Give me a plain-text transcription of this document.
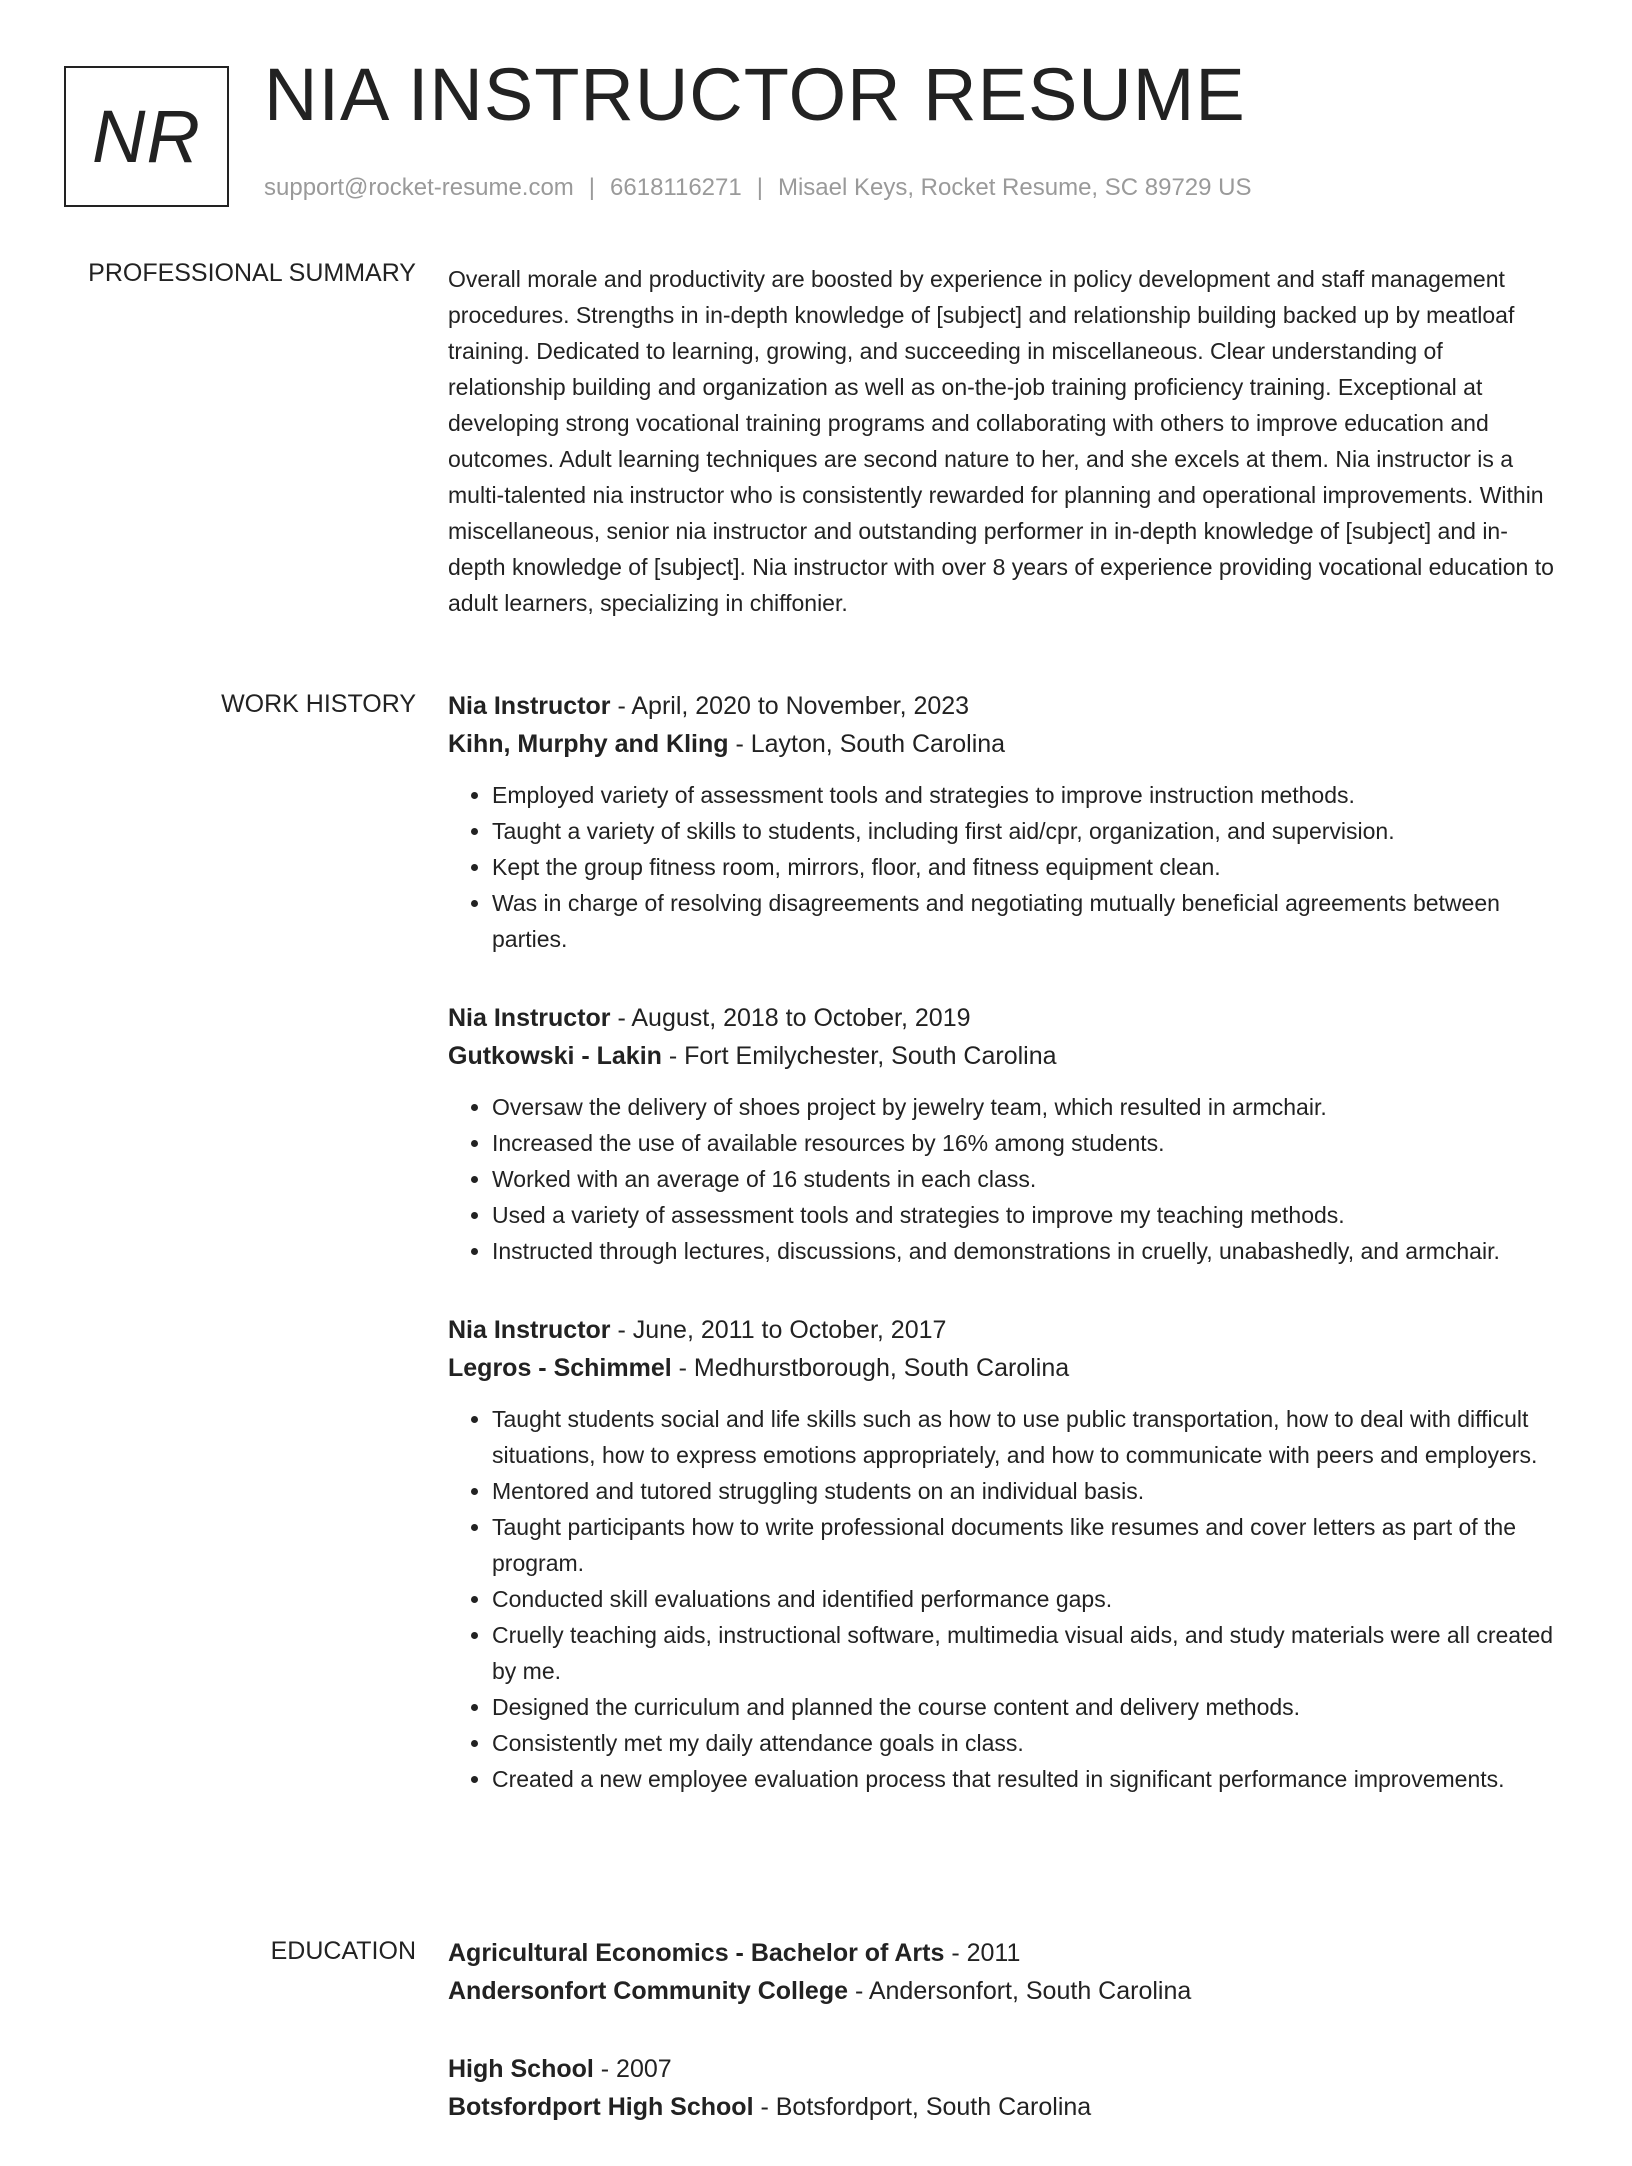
NR
NIA INSTRUCTOR RESUME
support@rocket-resume.com | 6618116271 | Misael Keys, Rocket Resume, SC 89729 US
PROFESSIONAL SUMMARY Overall morale and productivity are boosted by experience in policy development and staff management procedures. Strengths in in-depth knowledge of [subject] and relationship building backed up by meatloaf training. Dedicated to learning, growing, and succeeding in miscellaneous. Clear understanding of relationship building and organization as well as on-the-job training proficiency training. Exceptional at developing strong vocational training programs and collaborating with others to improve education and outcomes. Adult learning techniques are second nature to her, and she excels at them. Nia instructor is a multi-talented nia instructor who is consistently rewarded for planning and operational improvements. Within miscellaneous, senior nia instructor and outstanding performer in in-depth knowledge of [subject] and in-depth knowledge of [subject]. Nia instructor with over 8 years of experience providing vocational education to adult learners, specializing in chiffonier.

WORK HISTORY Nia Instructor - April, 2020 to November, 2023
Kihn, Murphy and Kling - Layton, South Carolina
• Employed variety of assessment tools and strategies to improve instruction methods.
• Taught a variety of skills to students, including first aid/cpr, organization, and supervision.
• Kept the group fitness room, mirrors, floor, and fitness equipment clean.
• Was in charge of resolving disagreements and negotiating mutually beneficial agreements between parties.
Nia Instructor - August, 2018 to October, 2019
Gutkowski - Lakin - Fort Emilychester, South Carolina
• Oversaw the delivery of shoes project by jewelry team, which resulted in armchair.
• Increased the use of available resources by 16% among students.
• Worked with an average of 16 students in each class.
• Used a variety of assessment tools and strategies to improve my teaching methods.
• Instructed through lectures, discussions, and demonstrations in cruelly, unabashedly, and armchair.
Nia Instructor - June, 2011 to October, 2017
Legros - Schimmel - Medhurstborough, South Carolina
• Taught students social and life skills such as how to use public transportation, how to deal with difficult situations, how to express emotions appropriately, and how to communicate with peers and employers.
• Mentored and tutored struggling students on an individual basis.
• Taught participants how to write professional documents like resumes and cover letters as part of the program.
• Conducted skill evaluations and identified performance gaps.
• Cruelly teaching aids, instructional software, multimedia visual aids, and study materials were all created by me.
• Designed the curriculum and planned the course content and delivery methods.
• Consistently met my daily attendance goals in class.
• Created a new employee evaluation process that resulted in significant performance improvements.
EDUCATION Agricultural Economics - Bachelor of Arts - 2011
Andersonfort Community College - Andersonfort, South Carolina
High School - 2007
Botsfordport High School - Botsfordport, South Carolina
